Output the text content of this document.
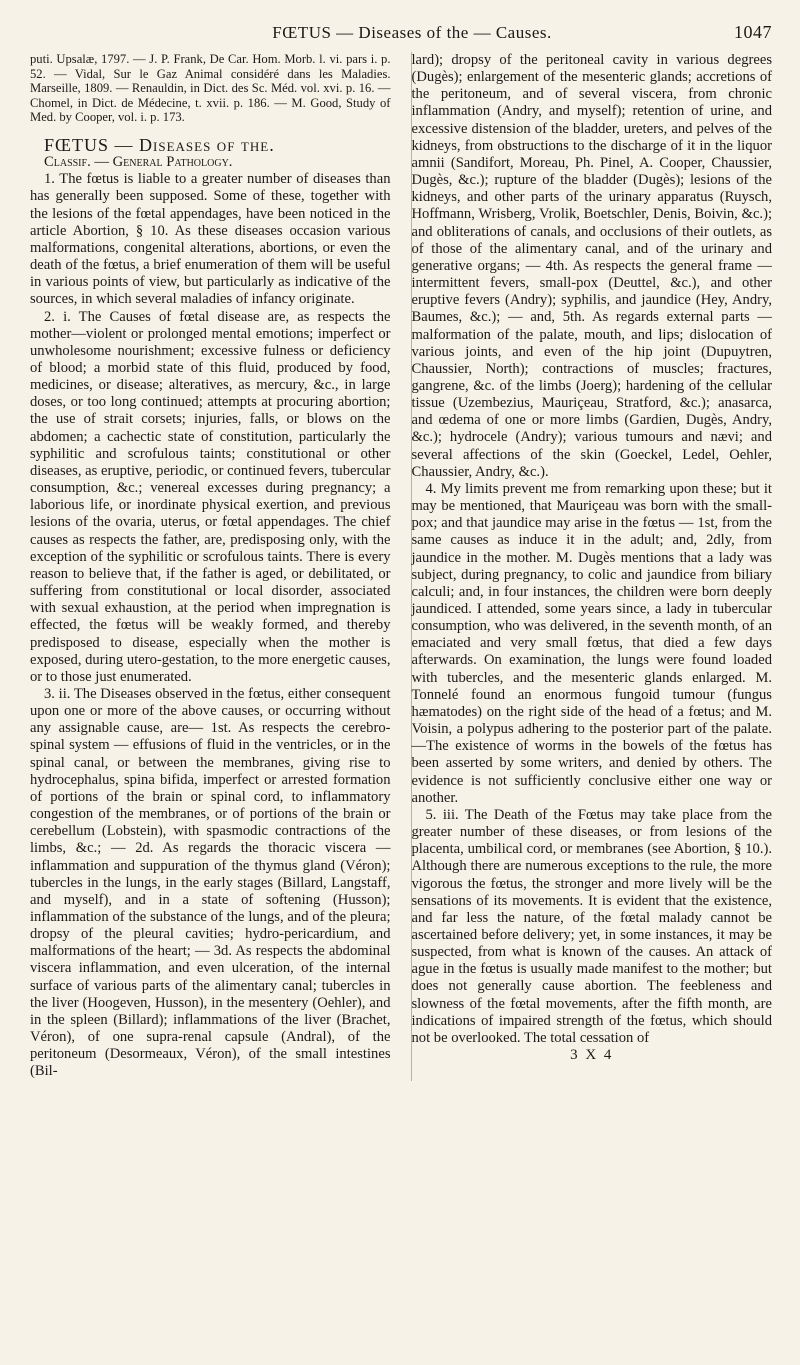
FŒTUS — Diseases of the — Causes.	1047

puti. Upsalæ, 1797. — J. P. Frank, De Car. Hom. Morb. l. vi. pars i. p. 52. — Vidal, Sur le Gaz Animal considéré dans les Maladies. Marseille, 1809. — Renauldin, in Dict. des Sc. Méd. vol. xvi. p. 16. — Chomel, in Dict. de Médecine, t. xvii. p. 186. — M. Good, Study of Med. by Cooper, vol. i. p. 173.

FŒTUS — Diseases of the.

Classif. — General Pathology.

1. The fœtus is liable to a greater number of diseases than has generally been supposed. Some of these, together with the lesions of the fœtal appendages, have been noticed in the article Abortion, § 10. As these diseases occasion various malformations, congenital alterations, abortions, or even the death of the fœtus, a brief enumeration of them will be useful in various points of view, but particularly as indicative of the sources, in which several maladies of infancy originate.

2. i. The Causes of fœtal disease are, as respects the mother—violent or prolonged mental emotions; imperfect or unwholesome nourishment; excessive fulness or deficiency of blood; a morbid state of this fluid, produced by food, medicines, or disease; alteratives, as mercury, &c., in large doses, or too long continued; attempts at procuring abortion; the use of strait corsets; injuries, falls, or blows on the abdomen; a cachectic state of constitution, particularly the syphilitic and scrofulous taints; constitutional or other diseases, as eruptive, periodic, or continued fevers, tubercular consumption, &c.; venereal excesses during pregnancy; a laborious life, or inordinate physical exertion, and previous lesions of the ovaria, uterus, or fœtal appendages. The chief causes as respects the father, are, predisposing only, with the exception of the syphilitic or scrofulous taints. There is every reason to believe that, if the father is aged, or debilitated, or suffering from constitutional or local disorder, associated with sexual exhaustion, at the period when impregnation is effected, the fœtus will be weakly formed, and thereby predisposed to disease, especially when the mother is exposed, during utero-gestation, to the more energetic causes, or to those just enumerated.

3. ii. The Diseases observed in the fœtus, either consequent upon one or more of the above causes, or occurring without any assignable cause, are— 1st. As respects the cerebro-spinal system — effusions of fluid in the ventricles, or in the spinal canal, or between the membranes, giving rise to hydrocephalus, spina bifida, imperfect or arrested formation of portions of the brain or spinal cord, to inflammatory congestion of the membranes, or of portions of the brain or cerebellum (Lobstein), with spasmodic contractions of the limbs, &c.; — 2d. As regards the thoracic viscera — inflammation and suppuration of the thymus gland (Véron); tubercles in the lungs, in the early stages (Billard, Langstaff, and myself), and in a state of softening (Husson); inflammation of the substance of the lungs, and of the pleura; dropsy of the pleural cavities; hydro-pericardium, and malformations of the heart; — 3d. As respects the abdominal viscera inflammation, and even ulceration, of the internal surface of various parts of the alimentary canal; tubercles in the liver (Hoogeven, Husson), in the mesentery (Oehler), and in the spleen (Billard); inflammations of the liver (Brachet, Véron), of one supra-renal capsule (Andral), of the peritoneum (Desormeaux, Véron), of the small intestines (Bil-

lard); dropsy of the peritoneal cavity in various degrees (Dugès); enlargement of the mesenteric glands; accretions of the peritoneum, and of several viscera, from chronic inflammation (Andry, and myself); retention of urine, and excessive distension of the bladder, ureters, and pelves of the kidneys, from obstructions to the discharge of it in the liquor amnii (Sandifort, Moreau, Ph. Pinel, A. Cooper, Chaussier, Dugès, &c.); rupture of the bladder (Dugès); lesions of the kidneys, and other parts of the urinary apparatus (Ruysch, Hoffmann, Wrisberg, Vrolik, Boetschler, Denis, Boivin, &c.); and obliterations of canals, and occlusions of their outlets, as of those of the alimentary canal, and of the urinary and generative organs; — 4th. As respects the general frame — intermittent fevers, small-pox (Deuttel, &c.), and other eruptive fevers (Andry); syphilis, and jaundice (Hey, Andry, Baumes, &c.); — and, 5th. As regards external parts — malformation of the palate, mouth, and lips; dislocation of various joints, and even of the hip joint (Dupuytren, Chaussier, North); contractions of muscles; fractures, gangrene, &c. of the limbs (Joerg); hardening of the cellular tissue (Uzembezius, Mauriçeau, Stratford, &c.); anasarca, and œdema of one or more limbs (Gardien, Dugès, Andry, &c.); hydrocele (Andry); various tumours and nævi; and several affections of the skin (Goeckel, Ledel, Oehler, Chaussier, Andry, &c.).

4. My limits prevent me from remarking upon these; but it may be mentioned, that Mauriçeau was born with the small-pox; and that jaundice may arise in the fœtus — 1st, from the same causes as induce it in the adult; and, 2dly, from jaundice in the mother. M. Dugès mentions that a lady was subject, during pregnancy, to colic and jaundice from biliary calculi; and, in four instances, the children were born deeply jaundiced. I attended, some years since, a lady in tubercular consumption, who was delivered, in the seventh month, of an emaciated and very small fœtus, that died a few days afterwards. On examination, the lungs were found loaded with tubercles, and the mesenteric glands enlarged. M. Tonnelé found an enormous fungoid tumour (fungus hæmatodes) on the right side of the head of a fœtus; and M. Voisin, a polypus adhering to the posterior part of the palate.—The existence of worms in the bowels of the fœtus has been asserted by some writers, and denied by others. The evidence is not sufficiently conclusive either one way or another.

5. iii. The Death of the Fœtus may take place from the greater number of these diseases, or from lesions of the placenta, umbilical cord, or membranes (see Abortion, § 10.). Although there are numerous exceptions to the rule, the more vigorous the fœtus, the stronger and more lively will be the sensations of its movements. It is evident that the existence, and far less the nature, of the fœtal malady cannot be ascertained before delivery; yet, in some instances, it may be suspected, from what is known of the causes. An attack of ague in the fœtus is usually made manifest to the mother; but does not generally cause abortion. The feebleness and slowness of the fœtal movements, after the fifth month, are indications of impaired strength of the fœtus, which should not be overlooked. The total cessation of

3 X 4
